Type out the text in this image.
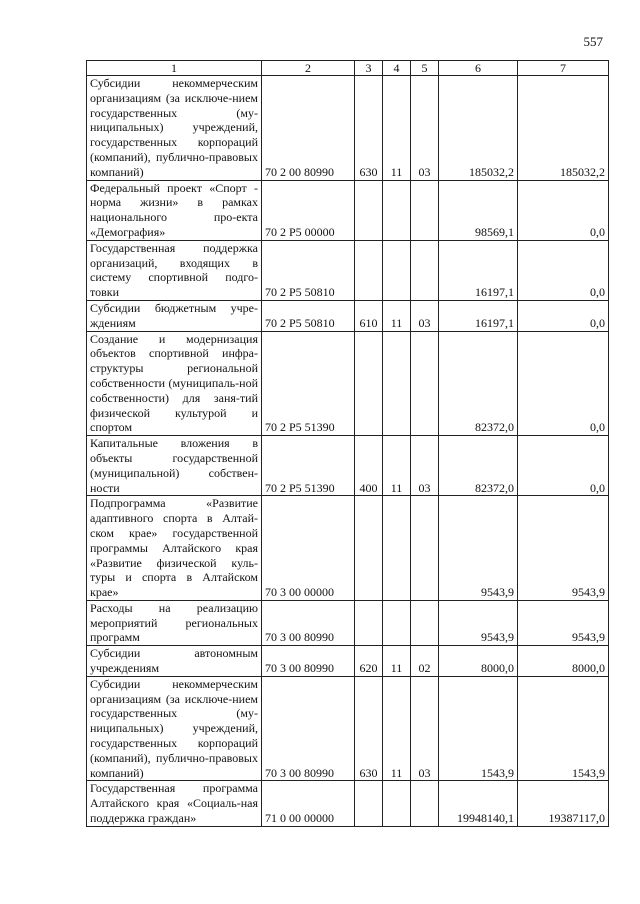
557
1	2	3	4	5	6	7
Субсидии некоммерческим организациям (за исключе-нием государственных (му-ниципальных) учреждений, государственных корпораций (компаний), публично-правовых компаний)	70 2 00 80990	630	11	03	185032,2	185032,2
Федеральный проект «Спорт - норма жизни» в рамках национального про-екта «Демография»	70 2 P5 00000				98569,1	0,0
Государственная поддержка организаций, входящих в систему спортивной подго-товки	70 2 P5 50810				16197,1	0,0
Субсидии бюджетным учре-ждениям	70 2 P5 50810	610	11	03	16197,1	0,0
Создание и модернизация объектов спортивной инфра-структуры региональной собственности (муниципаль-ной собственности) для заня-тий физической культурой и спортом	70 2 P5 51390				82372,0	0,0
Капитальные вложения в объекты государственной (муниципальной) собствен-ности	70 2 P5 51390	400	11	03	82372,0	0,0
Подпрограмма «Развитие адаптивного спорта в Алтай-ском крае» государственной программы Алтайского края «Развитие физической куль-туры и спорта в Алтайском крае»	70 3 00 00000				9543,9	9543,9
Расходы на реализацию мероприятий региональных программ	70 3 00 80990				9543,9	9543,9
Субсидии автономным учреждениям	70 3 00 80990	620	11	02	8000,0	8000,0
Субсидии некоммерческим организациям (за исключе-нием государственных (му-ниципальных) учреждений, государственных корпораций (компаний), публично-правовых компаний)	70 3 00 80990	630	11	03	1543,9	1543,9
Государственная программа Алтайского края «Социаль-ная поддержка граждан»	71 0 00 00000				19948140,1	19387117,0
